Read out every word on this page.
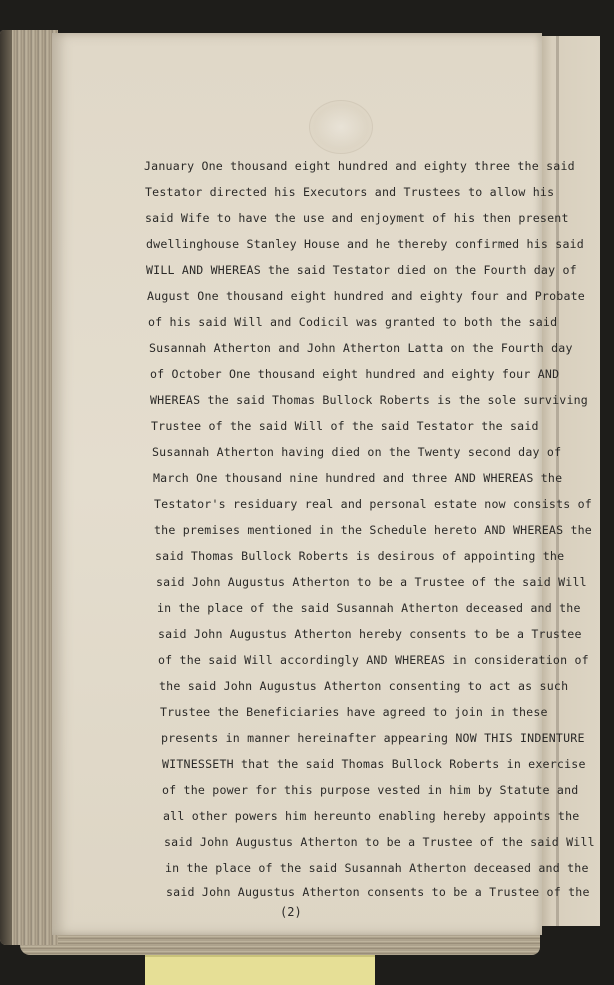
January One thousand eight hundred and eighty three the said
Testator directed his Executors and Trustees to allow his
said Wife to have the use and enjoyment of his then present
dwellinghouse Stanley House and he thereby confirmed his said
WILL AND WHEREAS the said Testator died on the Fourth day of
August One thousand eight hundred and eighty four and Probate
of his said Will and Codicil was granted to both the said
Susannah Atherton and John Atherton Latta on the Fourth day
of October One thousand eight hundred and eighty four AND
WHEREAS the said Thomas Bullock Roberts is the sole surviving
Trustee of the said Will of the said Testator the said
Susannah Atherton having died on the Twenty second day of
March One thousand nine hundred and three AND WHEREAS the
Testator's residuary real and personal estate now consists of
the premises mentioned in the Schedule hereto AND WHEREAS the
said Thomas Bullock Roberts is desirous of appointing the
said John Augustus Atherton to be a Trustee of the said Will
in the place of the said Susannah Atherton deceased and the
said John Augustus Atherton hereby consents to be a Trustee
of the said Will accordingly AND WHEREAS in consideration of
the said John Augustus Atherton consenting to act as such
Trustee the Beneficiaries have agreed to join in these
presents in manner hereinafter appearing NOW THIS INDENTURE
WITNESSETH that the said Thomas Bullock Roberts in exercise
of the power for this purpose vested in him by Statute and
all other powers him hereunto enabling hereby appoints the
said John Augustus Atherton to be a Trustee of the said Will
in the place of the said Susannah Atherton deceased and the
said John Augustus Atherton consents to be a Trustee of the
(2)
